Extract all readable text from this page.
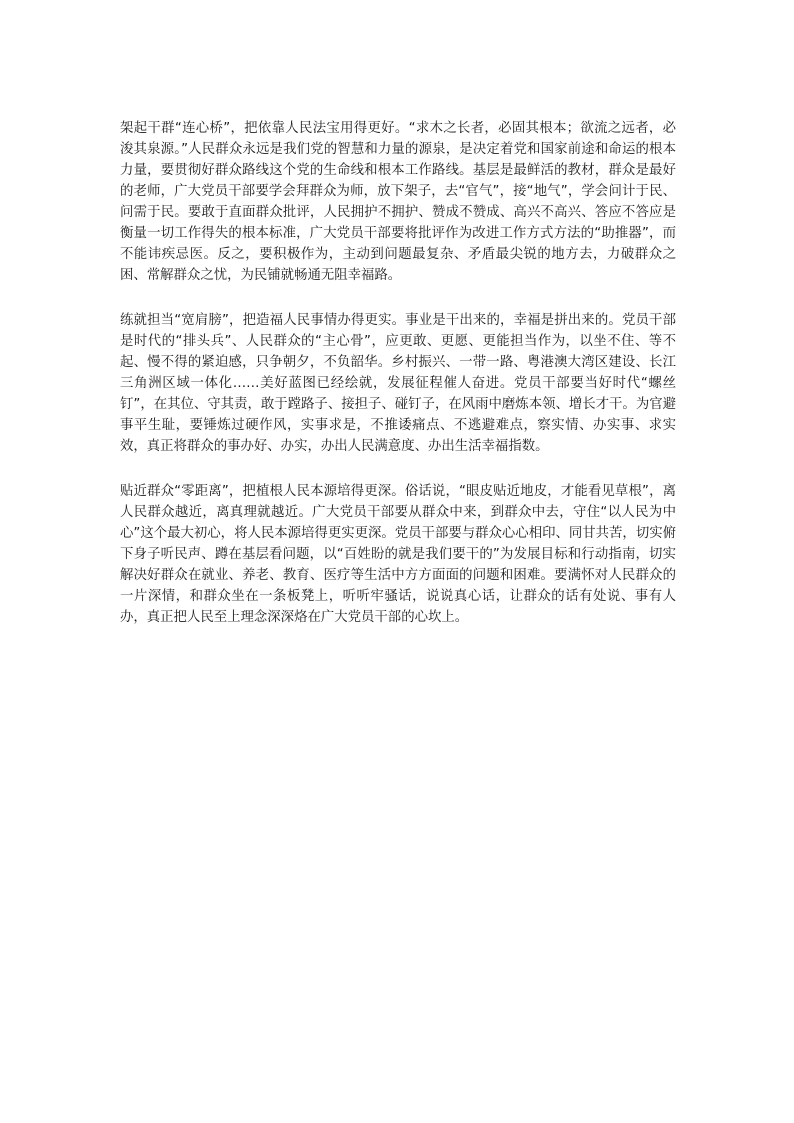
架起干群“连心桥”，把依靠人民法宝用得更好。“求木之长者，必固其根本；欲流之远者，必浚其泉源。”人民群众永远是我们党的智慧和力量的源泉，是决定着党和国家前途和命运的根本力量，要贯彻好群众路线这个党的生命线和根本工作路线。基层是最鲜活的教材，群众是最好的老师，广大党员干部要学会拜群众为师，放下架子，去“官气”，接“地气”，学会问计于民、问需于民。要敢于直面群众批评，人民拥护不拥护、赞成不赞成、高兴不高兴、答应不答应是衡量一切工作得失的根本标准，广大党员干部要将批评作为改进工作方式方法的“助推器”，而不能讳疾忌医。反之，要积极作为，主动到问题最复杂、矛盾最尖锐的地方去，力破群众之困、常解群众之忧，为民铺就畅通无阻幸福路。

练就担当“宽肩膀”，把造福人民事情办得更实。事业是干出来的，幸福是拼出来的。党员干部是时代的“排头兵”、人民群众的“主心骨”，应更敢、更愿、更能担当作为，以坐不住、等不起、慢不得的紧迫感，只争朝夕，不负韶华。乡村振兴、一带一路、粤港澳大湾区建设、长江三角洲区域一体化……美好蓝图已经绘就，发展征程催人奋进。党员干部要当好时代“螺丝钉”，在其位、守其责，敢于蹚路子、接担子、碰钉子，在风雨中磨炼本领、增长才干。为官避事平生耻，要锤炼过硬作风，实事求是，不推诿痛点、不逃避难点，察实情、办实事、求实效，真正将群众的事办好、办实，办出人民满意度、办出生活幸福指数。

贴近群众“零距离”，把植根人民本源培得更深。俗话说，“眼皮贴近地皮，才能看见草根”，离人民群众越近，离真理就越近。广大党员干部要从群众中来，到群众中去，守住“以人民为中心”这个最大初心，将人民本源培得更实更深。党员干部要与群众心心相印、同甘共苦，切实俯下身子听民声、蹲在基层看问题，以“百姓盼的就是我们要干的”为发展目标和行动指南，切实解决好群众在就业、养老、教育、医疗等生活中方方面面的问题和困难。要满怀对人民群众的一片深情，和群众坐在一条板凳上，听听牢骚话，说说真心话，让群众的话有处说、事有人办，真正把人民至上理念深深烙在广大党员干部的心坎上。
